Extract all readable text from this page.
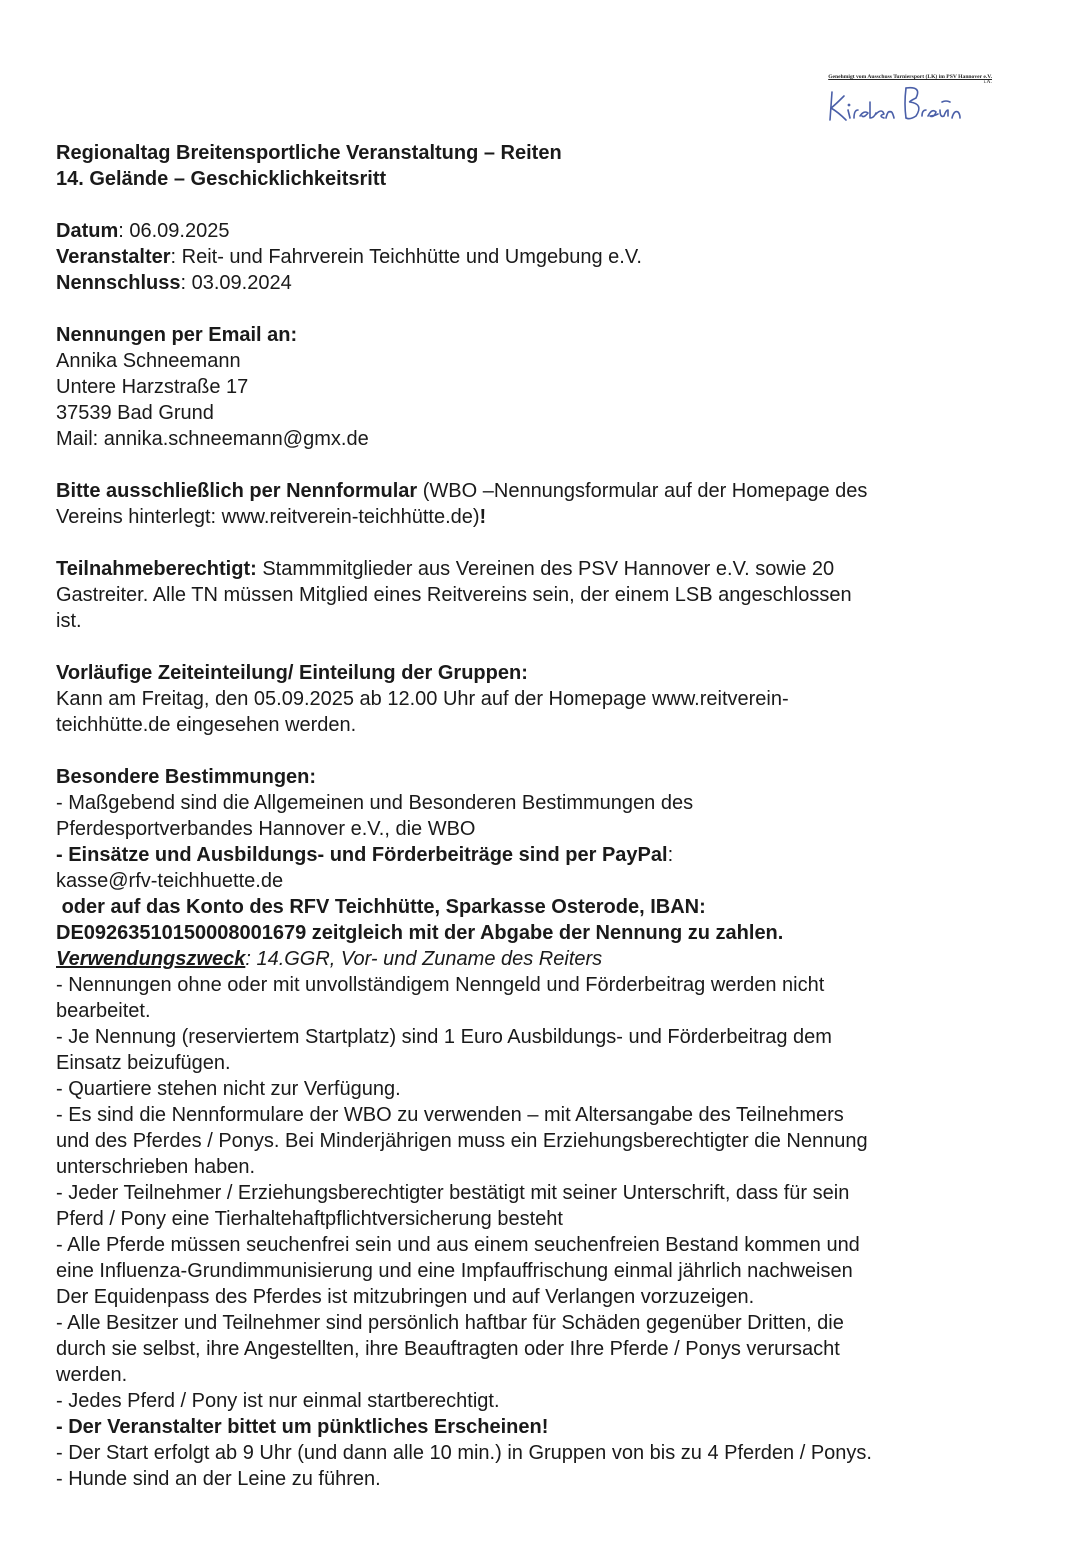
Genehmigt vom Ausschuss Turniersport (LK) im PSV Hannover e.V.
i.A.
Regionaltag Breitensportliche Veranstaltung – Reiten
14. Gelände – Geschicklichkeitsritt
Datum: 06.09.2025
Veranstalter: Reit- und Fahrverein Teichhütte und Umgebung e.V.
Nennschluss: 03.09.2024
Nennungen per Email an:
Annika Schneemann
Untere Harzstraße 17
37539 Bad Grund
Mail: annika.schneemann@gmx.de
Bitte ausschließlich per Nennformular (WBO –Nennungsformular auf der Homepage des
Vereins hinterlegt: www.reitverein-teichhütte.de)!
Teilnahmeberechtigt: Stammmitglieder aus Vereinen des PSV Hannover e.V. sowie 20
Gastreiter. Alle TN müssen Mitglied eines Reitvereins sein, der einem LSB angeschlossen
ist.
Vorläufige Zeiteinteilung/ Einteilung der Gruppen:
Kann am Freitag, den 05.09.2025 ab 12.00 Uhr auf der Homepage www.reitverein-
teichhütte.de eingesehen werden.
Besondere Bestimmungen:
- Maßgebend sind die Allgemeinen und Besonderen Bestimmungen des
Pferdesportverbandes Hannover e.V., die WBO
- Einsätze und Ausbildungs- und Förderbeiträge sind per PayPal:
kasse@rfv-teichhuette.de
oder auf das Konto des RFV Teichhütte, Sparkasse Osterode, IBAN:
DE09263510150008001679 zeitgleich mit der Abgabe der Nennung zu zahlen.
Verwendungszweck: 14.GGR, Vor- und Zuname des Reiters
- Nennungen ohne oder mit unvollständigem Nenngeld und Förderbeitrag werden nicht
bearbeitet.
- Je Nennung (reserviertem Startplatz) sind 1 Euro Ausbildungs- und Förderbeitrag dem
Einsatz beizufügen.
- Quartiere stehen nicht zur Verfügung.
- Es sind die Nennformulare der WBO zu verwenden – mit Altersangabe des Teilnehmers
und des Pferdes / Ponys. Bei Minderjährigen muss ein Erziehungsberechtigter die Nennung
unterschrieben haben.
- Jeder Teilnehmer / Erziehungsberechtigter bestätigt mit seiner Unterschrift, dass für sein
Pferd / Pony eine Tierhaltehaftpflichtversicherung besteht
- Alle Pferde müssen seuchenfrei sein und aus einem seuchenfreien Bestand kommen und
eine Influenza-Grundimmunisierung und eine Impfauffrischung einmal jährlich nachweisen
Der Equidenpass des Pferdes ist mitzubringen und auf Verlangen vorzuzeigen.
- Alle Besitzer und Teilnehmer sind persönlich haftbar für Schäden gegenüber Dritten, die
durch sie selbst, ihre Angestellten, ihre Beauftragten oder Ihre Pferde / Ponys verursacht
werden.
- Jedes Pferd / Pony ist nur einmal startberechtigt.
- Der Veranstalter bittet um pünktliches Erscheinen!
- Der Start erfolgt ab 9 Uhr (und dann alle 10 min.) in Gruppen von bis zu 4 Pferden / Ponys.
- Hunde sind an der Leine zu führen.
